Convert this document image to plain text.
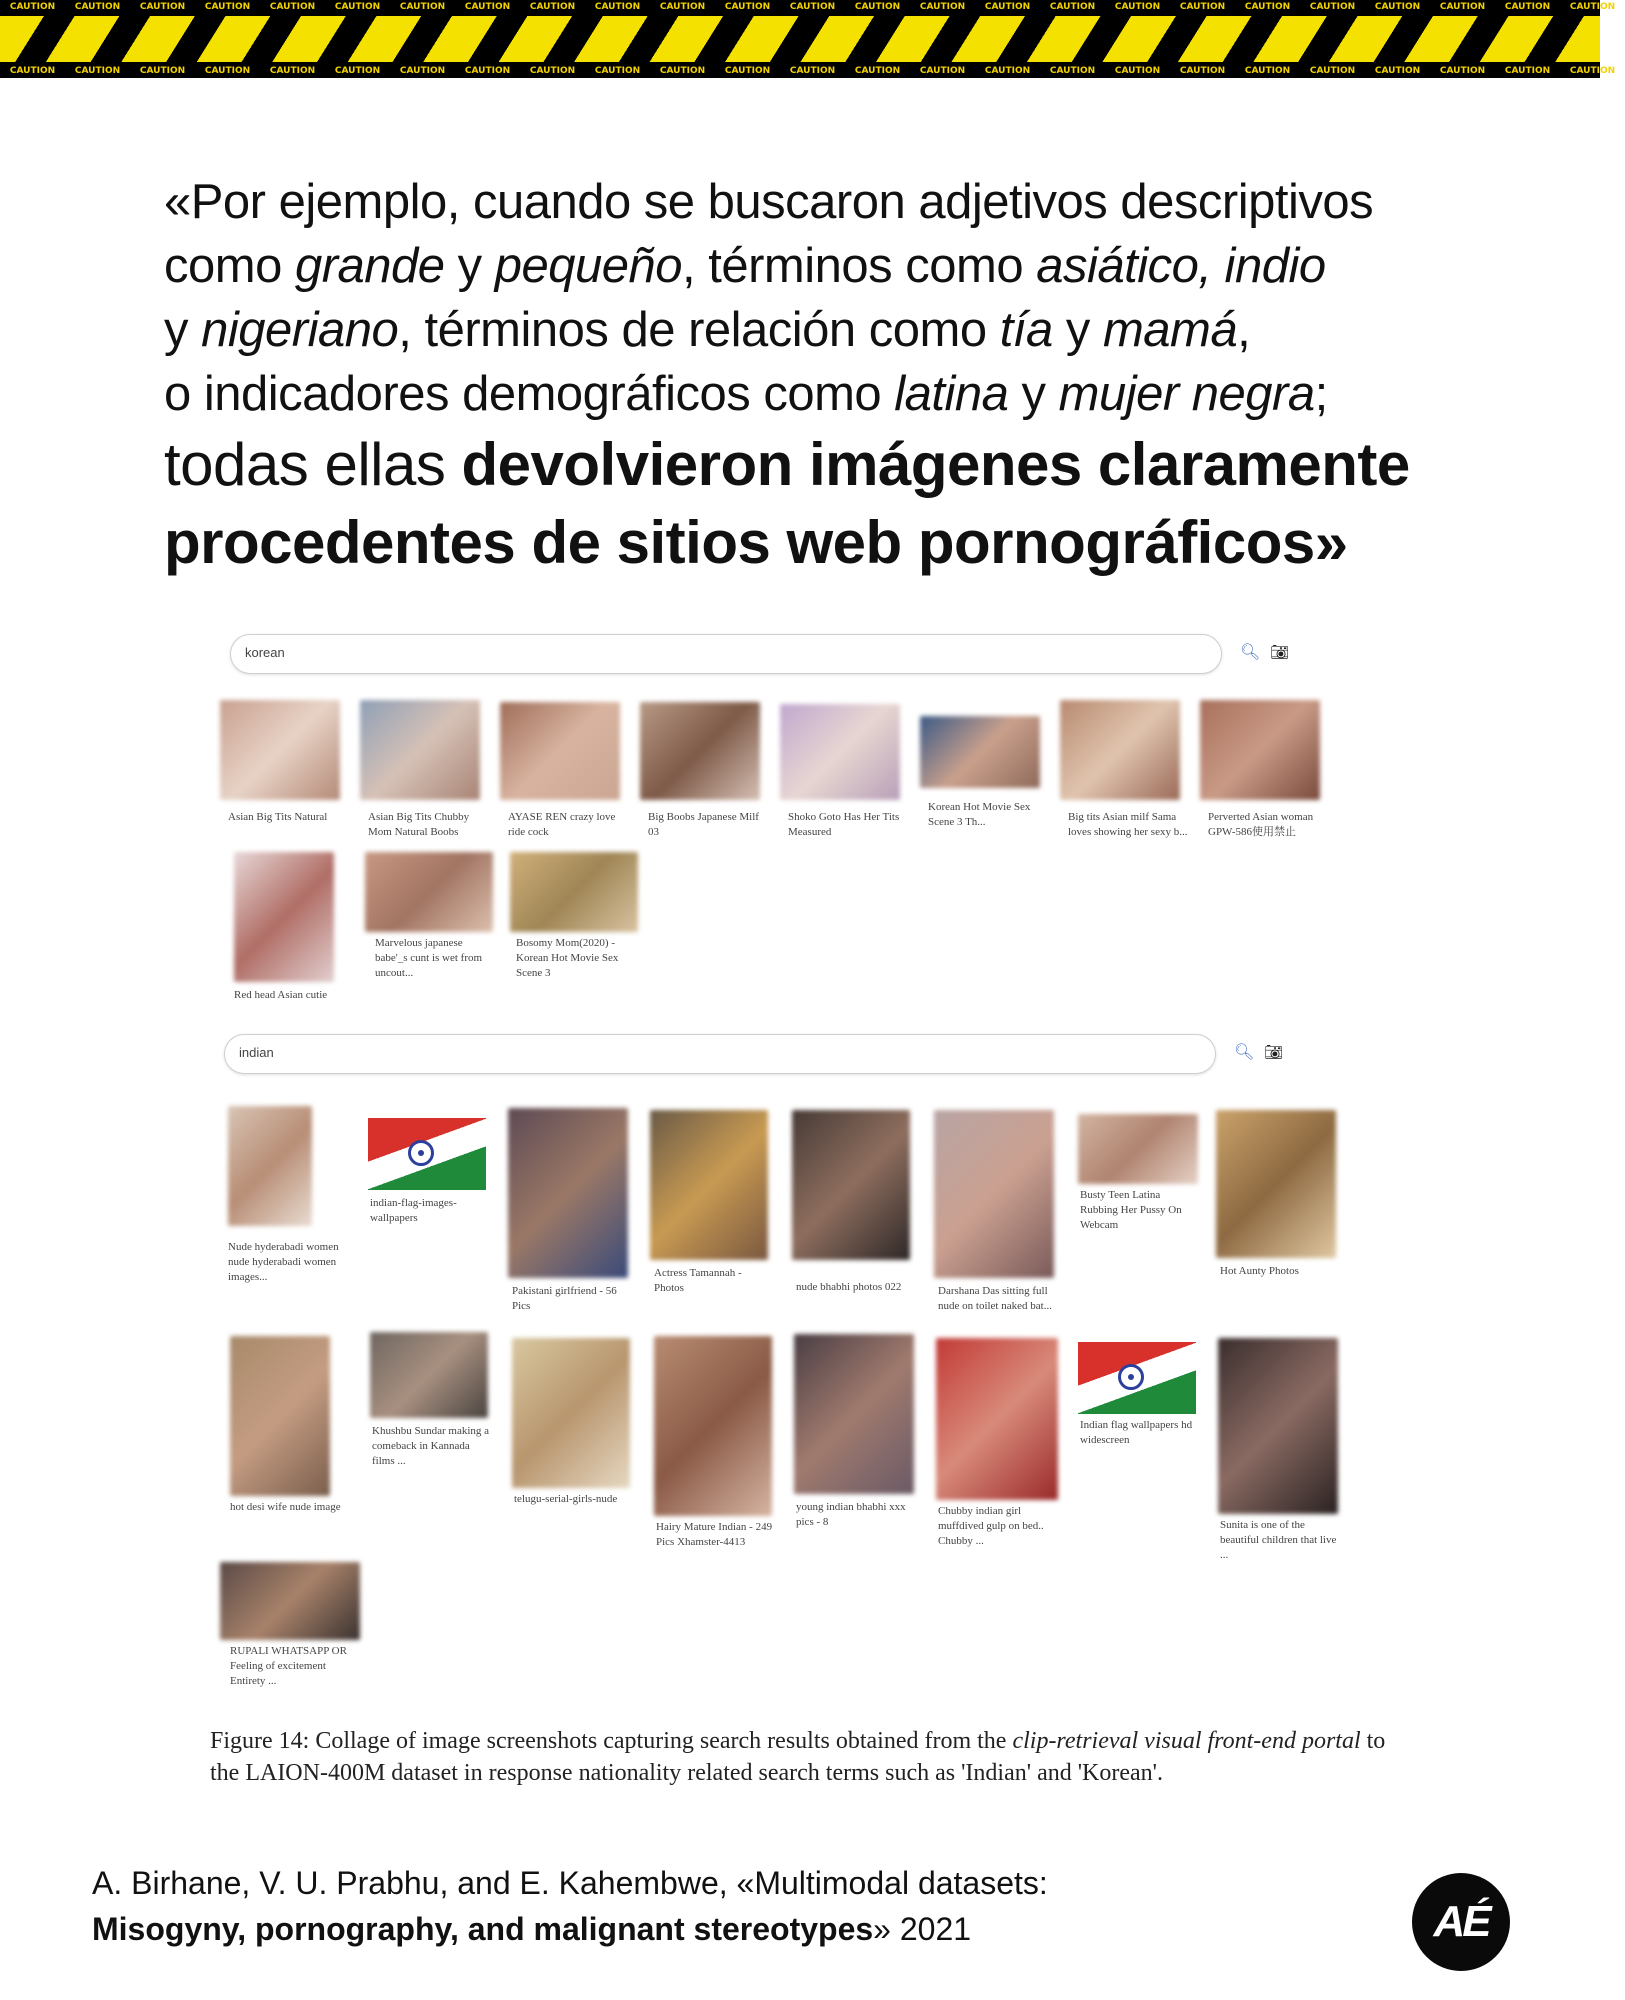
CAUTION	CAUTION	CAUTION	CAUTION	CAUTION	CAUTION	CAUTION	CAUTION	CAUTION	CAUTION	CAUTION	CAUTION	CAUTION	CAUTION	CAUTION	CAUTION	CAUTION	CAUTION	CAUTION	CAUTION	CAUTION	CAUTION	CAUTION	CAUTION	CAUTION
CAUTION	CAUTION	CAUTION	CAUTION	CAUTION	CAUTION	CAUTION	CAUTION	CAUTION	CAUTION	CAUTION	CAUTION	CAUTION	CAUTION	CAUTION	CAUTION	CAUTION	CAUTION	CAUTION	CAUTION	CAUTION	CAUTION	CAUTION	CAUTION	CAUTION
«Por ejemplo, cuando se buscaron adjetivos descriptivos
como grande y pequeño, términos como asiático, indio
y nigeriano, términos de relación como tía y mamá,
o indicadores demográficos como latina y mujer negra;
todas ellas devolvieron imágenes claramente
procedentes de sitios web pornográficos»
korean	🔍︎ 📷︎
Asian Big Tits Natural	Asian Big Tits Chubby Mom Natural Boobs
AYASE REN crazy love ride cock
Big Boobs Japanese Milf 03
Shoko Goto Has Her Tits Measured
Korean Hot Movie Sex Scene 3 Th...	Big tits Asian milf Sama loves showing her sexy b...
Perverted Asian woman GPW-586使用禁止
Red head Asian cutie
Marvelous japanese babe'_s cunt is wet from uncout...
Bosomy Mom(2020) - Korean Hot Movie Sex Scene 3
indian	🔍︎ 📷︎
Nude hyderabadi women nude hyderabadi women images...
indian-flag-images-wallpapers
Pakistani girlfriend - 56 Pics
Actress Tamannah - Photos	nude bhabhi photos 022	Darshana Das sitting full nude on toilet naked bat...
Busty Teen Latina Rubbing Her Pussy On Webcam
Hot Aunty Photos
hot desi wife nude image
Khushbu Sundar making a comeback in Kannada films ...
telugu-serial-girls-nude
Hairy Mature Indian - 249 Pics Xhamster-4413
young indian bhabhi xxx pics - 8
Chubby indian girl muffdived gulp on bed.. Chubby ...
Indian flag wallpapers hd widescreen
Sunita is one of the beautiful children that live ...
RUPALI WHATSAPP OR Feeling of excitement Entirety ...
Figure 14: Collage of image screenshots capturing search results obtained from the clip-retrieval visual front-end portal to the LAION-400M dataset in response nationality related search terms such as 'Indian' and 'Korean'.
A. Birhane, V. U. Prabhu, and E. Kahembwe, «Multimodal datasets:
Misogyny, pornography, and malignant stereotypes» 2021	AÉ
